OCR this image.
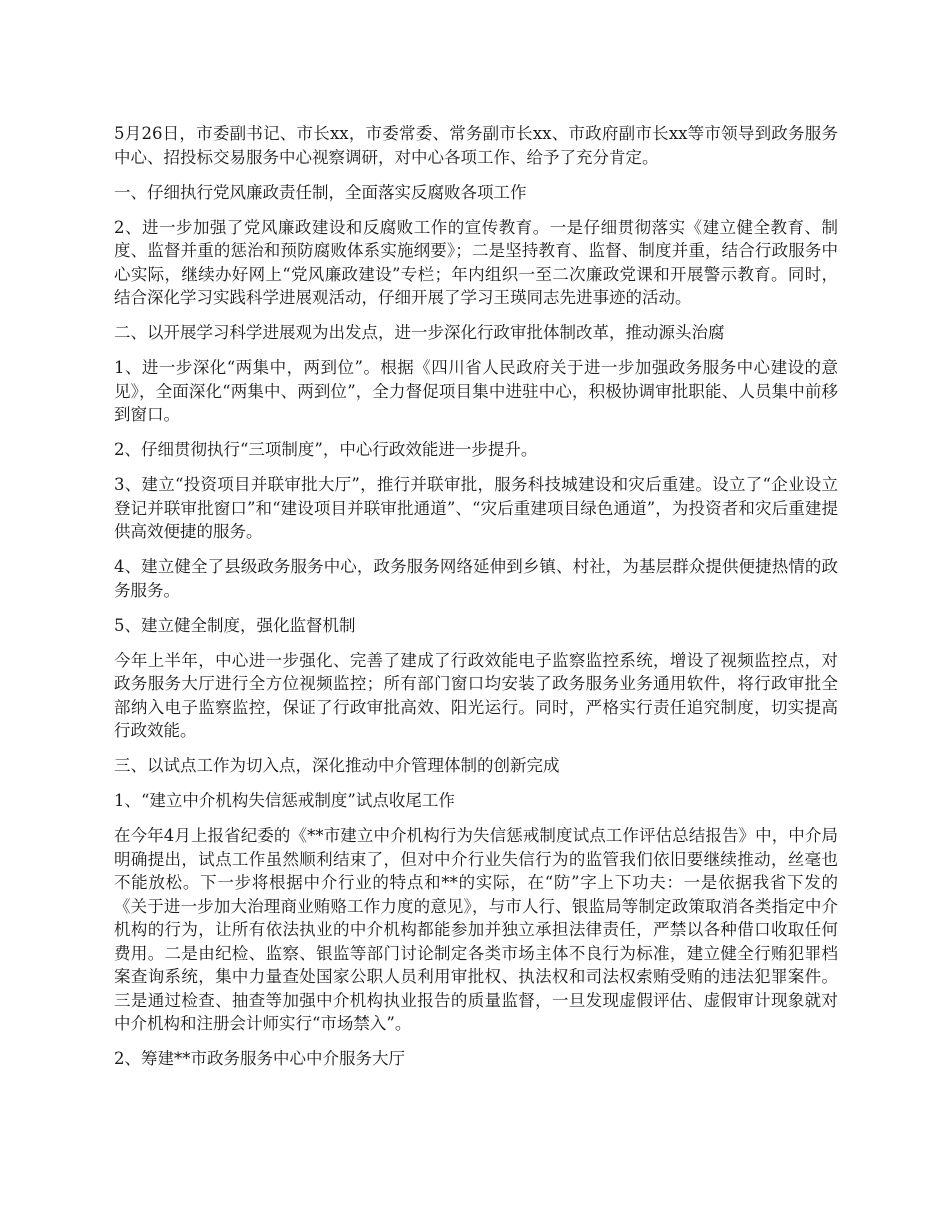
5月26日，市委副书记、市长xx，市委常委、常务副市长xx、市政府副市长xx等市领导到政务服务中心、招投标交易服务中心视察调研，对中心各项工作、给予了充分肯定。

一、仔细执行党风廉政责任制，全面落实反腐败各项工作

2、进一步加强了党风廉政建设和反腐败工作的宣传教育。一是仔细贯彻落实《建立健全教育、制度、监督并重的惩治和预防腐败体系实施纲要》；二是坚持教育、监督、制度并重，结合行政服务中心实际，继续办好网上“党风廉政建设”专栏；年内组织一至二次廉政党课和开展警示教育。同时，结合深化学习实践科学进展观活动，仔细开展了学习王瑛同志先进事迹的活动。

二、以开展学习科学进展观为出发点，进一步深化行政审批体制改革，推动源头治腐

1、进一步深化“两集中，两到位”。根据《四川省人民政府关于进一步加强政务服务中心建设的意见》，全面深化“两集中、两到位”，全力督促项目集中进驻中心，积极协调审批职能、人员集中前移到窗口。

2、仔细贯彻执行“三项制度”，中心行政效能进一步提升。

3、建立“投资项目并联审批大厅”，推行并联审批，服务科技城建设和灾后重建。设立了“企业设立登记并联审批窗口”和“建设项目并联审批通道”、“灾后重建项目绿色通道”，为投资者和灾后重建提供高效便捷的服务。

4、建立健全了县级政务服务中心，政务服务网络延伸到乡镇、村社，为基层群众提供便捷热情的政务服务。

5、建立健全制度，强化监督机制

今年上半年，中心进一步强化、完善了建成了行政效能电子监察监控系统，增设了视频监控点，对政务服务大厅进行全方位视频监控；所有部门窗口均安装了政务服务业务通用软件，将行政审批全部纳入电子监察监控，保证了行政审批高效、阳光运行。同时，严格实行责任追究制度，切实提高行政效能。

三、以试点工作为切入点，深化推动中介管理体制的创新完成

1、“建立中介机构失信惩戒制度”试点收尾工作

在今年4月上报省纪委的《**市建立中介机构行为失信惩戒制度试点工作评估总结报告》中，中介局明确提出，试点工作虽然顺利结束了，但对中介行业失信行为的监管我们依旧要继续推动，丝毫也不能放松。下一步将根据中介行业的特点和**的实际，在“防”字上下功夫：一是依据我省下发的《关于进一步加大治理商业贿赂工作力度的意见》，与市人行、银监局等制定政策取消各类指定中介机构的行为，让所有依法执业的中介机构都能参加并独立承担法律责任，严禁以各种借口收取任何费用。二是由纪检、监察、银监等部门讨论制定各类市场主体不良行为标准，建立健全行贿犯罪档案查询系统，集中力量查处国家公职人员利用审批权、执法权和司法权索贿受贿的违法犯罪案件。三是通过检查、抽查等加强中介机构执业报告的质量监督，一旦发现虚假评估、虚假审计现象就对中介机构和注册会计师实行“市场禁入”。

2、筹建**市政务服务中心中介服务大厅
